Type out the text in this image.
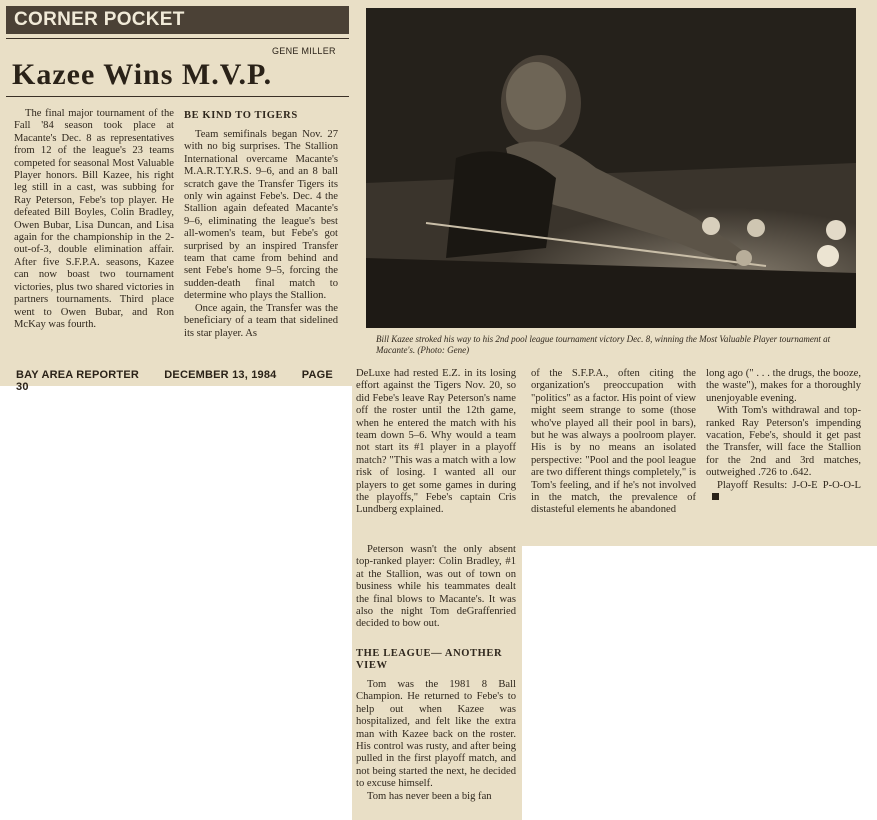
CORNER POCKET
GENE MILLER
Kazee Wins M.V.P.

The final major tournament of the Fall '84 season took place at Macante's Dec. 8 as representatives from 12 of the league's 23 teams competed for seasonal Most Valuable Player honors. Bill Kazee, his right leg still in a cast, was subbing for Ray Peterson, Febe's top player. He defeated Bill Boyles, Colin Bradley, Owen Bubar, Lisa Duncan, and Lisa again for the championship in the 2-out-of-3, double elimination affair. After five S.F.P.A. seasons, Kazee can now boast two tournament victories, plus two shared victories in partners tournaments. Third place went to Owen Bubar, and Ron McKay was fourth.

BE KIND TO TIGERS

Team semifinals began Nov. 27 with no big surprises. The Stallion International overcame Macante's M.A.R.T.Y.R.S. 9–6, and an 8 ball scratch gave the Transfer Tigers its only win against Febe's. Dec. 4 the Stallion again defeated Macante's 9–6, eliminating the league's best all-women's team, but Febe's got surprised by an inspired Transfer team that came from behind and sent Febe's home 9–5, forcing the sudden-death final match to determine who plays the Stallion.

Once again, the Transfer was the beneficiary of a team that sidelined its star player. As

Bill Kazee stroked his way to his 2nd pool league tournament victory Dec. 8, winning the Most Valuable Player tournament at Macante's. (Photo: Gene)
BAY AREA REPORTER DECEMBER 13, 1984 PAGE 30

DeLuxe had rested E.Z. in its losing effort against the Tigers Nov. 20, so did Febe's leave Ray Peterson's name off the roster until the 12th game, when he entered the match with his team down 5–6. Why would a team not start its #1 player in a playoff match? "This was a match with a low risk of losing. I wanted all our players to get some games in during the playoffs," Febe's captain Cris Lundberg explained.

Peterson wasn't the only absent top-ranked player: Colin Bradley, #1 at the Stallion, was out of town on business while his teammates dealt the final blows to Macante's. It was also the night Tom deGraffenried decided to bow out.

THE LEAGUE— ANOTHER VIEW

Tom was the 1981 8 Ball Champion. He returned to Febe's to help out when Kazee was hospitalized, and felt like the extra man with Kazee back on the roster. His control was rusty, and after being pulled in the first playoff match, and not being started the next, he decided to excuse himself.

Tom has never been a big fan

of the S.F.P.A., often citing the organization's preoccupation with "politics" as a factor. His point of view might seem strange to some (those who've played all their pool in bars), but he was always a poolroom player. His is by no means an isolated perspective: "Pool and the pool league are two different things completely," is Tom's feeling, and if he's not involved in the match, the prevalence of distasteful elements he abandoned

long ago (" . . . the drugs, the booze, the waste"), makes for a thoroughly unenjoyable evening.

With Tom's withdrawal and top-ranked Ray Peterson's impending vacation, Febe's, should it get past the Transfer, will face the Stallion for the 2nd and 3rd matches, outweighed .726 to .642.

Playoff Results: J-O-E P-O-O-L
